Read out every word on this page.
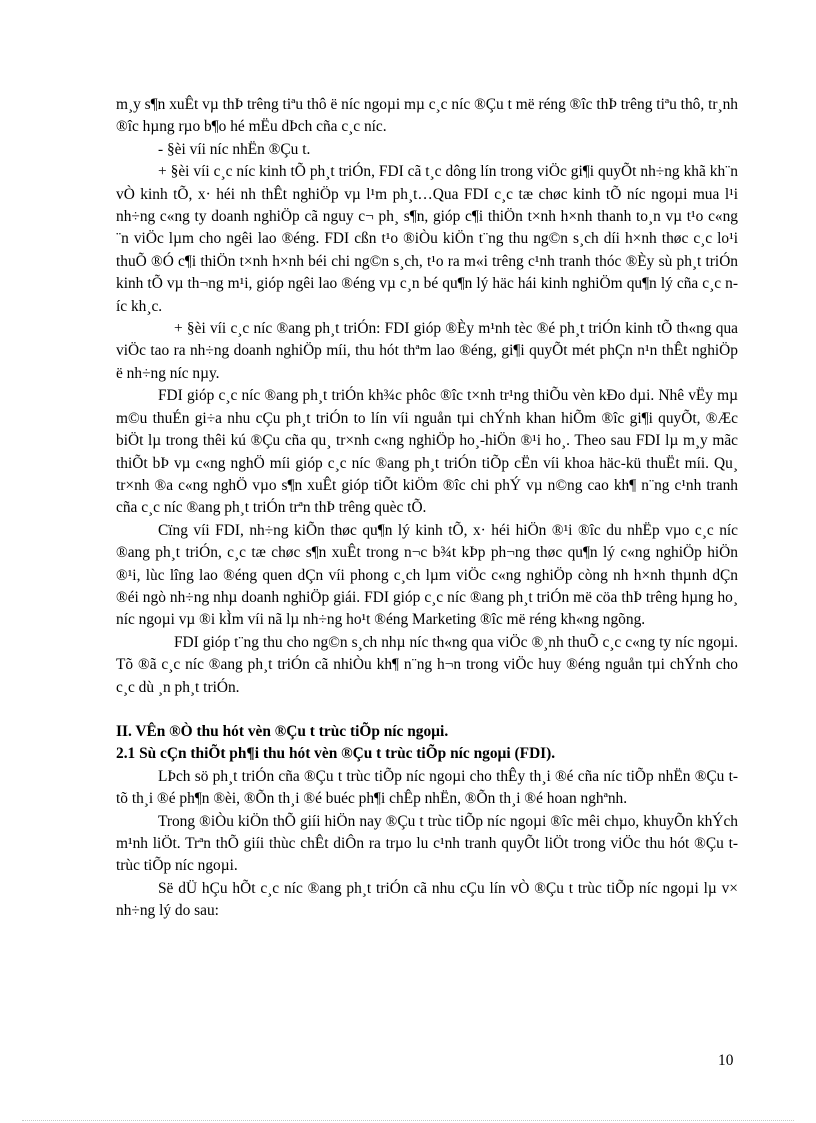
m¸y s¶n xuÊt vµ thÞ trêng tiªu thô ë níc ngoµi mµ c¸c níc ®Çu t më réng ®îc thÞ trêng tiªu thô, tr¸nh ®îc hµng rµo b¶o hé mËu dÞch cña c¸c níc.

- §èi víi níc nhËn ®Çu t.

+ §èi víi c¸c níc kinh tÕ ph¸t triÓn, FDI cã t¸c dông lín trong viÖc gi¶i quyÕt nh÷ng khã kh¨n vÒ kinh tÕ, x· héi nh thÊt nghiÖp vµ l¹m ph¸t…Qua FDI c¸c tæ chøc kinh tÕ níc ngoµi mua l¹i nh÷ng c«ng ty doanh nghiÖp cã nguy c¬ ph¸ s¶n, gióp c¶i thiÖn t×nh h×nh thanh to¸n vµ t¹o c«ng ¨n viÖc lµm cho ngêi lao ®éng. FDI cßn t¹o ®iÒu kiÖn t¨ng thu ng©n s¸ch díi h×nh thøc c¸c lo¹i thuÕ ®Ó c¶i thiÖn t×nh h×nh béi chi ng©n s¸ch, t¹o ra m«i trêng c¹nh tranh thóc ®Èy sù ph¸t triÓn kinh tÕ vµ th¬ng m¹i, gióp ngêi lao ®éng vµ c¸n bé qu¶n lý häc hái kinh nghiÖm qu¶n lý cña c¸c níc kh¸c.

+ §èi víi c¸c níc ®ang ph¸t triÓn: FDI gióp ®Èy m¹nh tèc ®é ph¸t triÓn kinh tÕ th«ng qua viÖc tao ra nh÷ng doanh nghiÖp míi, thu hót thªm lao ®éng, gi¶i quyÕt mét phÇn n¹n thÊt nghiÖp ë nh÷ng níc nµy.

FDI gióp c¸c níc ®ang ph¸t triÓn kh¾c phôc ®îc t×nh tr¹ng thiÕu vèn kÐo dµi. Nhê vËy mµ m©u thuÉn gi÷a nhu cÇu ph¸t triÓn to lín víi nguån tµi chÝnh khan hiÕm ®îc gi¶i quyÕt, ®Æc biÖt lµ trong thêi kú ®Çu cña qu¸ tr×nh c«ng nghiÖp ho¸-hiÖn ®¹i ho¸. Theo sau FDI lµ m¸y mãc thiÕt bÞ vµ c«ng nghÖ míi gióp c¸c níc ®ang ph¸t triÓn tiÕp cËn víi khoa häc-kü thuËt míi. Qu¸ tr×nh ®a c«ng nghÖ vµo s¶n xuÊt gióp tiÕt kiÖm ®îc chi phÝ vµ n©ng cao kh¶ n¨ng c¹nh tranh cña c¸c níc ®ang ph¸t triÓn trªn thÞ trêng quèc tÕ.

Cïng víi FDI, nh÷ng kiÕn thøc qu¶n lý kinh tÕ, x· héi hiÖn ®¹i ®îc du nhËp vµo c¸c níc ®ang ph¸t triÓn, c¸c tæ chøc s¶n xuÊt trong n¬c b¾t kÞp ph¬ng thøc qu¶n lý c«ng nghiÖp hiÖn ®¹i, lùc lîng lao ®éng quen dÇn víi phong c¸ch lµm viÖc c«ng nghiÖp còng nh h×nh thµnh dÇn ®éi ngò nh÷ng nhµ doanh nghiÖp giái. FDI gióp c¸c níc ®ang ph¸t triÓn më cöa thÞ trêng hµng ho¸ níc ngoµi vµ ®i kÌm víi nã lµ nh÷ng ho¹t ®éng Marketing ®îc më réng kh«ng ngõng.

FDI gióp t¨ng thu cho ng©n s¸ch nhµ níc th«ng qua viÖc ®¸nh thuÕ c¸c c«ng ty níc ngoµi. Tõ ®ã c¸c níc ®ang ph¸t triÓn cã nhiÒu kh¶ n¨ng h¬n trong viÖc huy ®éng nguån tµi chÝnh cho c¸c dù ¸n ph¸t triÓn.

II. VÊn ®Ò thu hót vèn ®Çu t trùc tiÕp níc ngoµi.
2.1 Sù cÇn thiÕt ph¶i thu hót vèn ®Çu t trùc tiÕp níc ngoµi (FDI).

LÞch sö ph¸t triÓn cña ®Çu t trùc tiÕp níc ngoµi cho thÊy th¸i ®é cña níc tiÕp nhËn ®Çu t tõ th¸i ®é ph¶n ®èi, ®Õn th¸i ®é buéc ph¶i chÊp nhËn, ®Õn th¸i ®é hoan nghªnh.

Trong ®iÒu kiÖn thÕ giíi hiÖn nay ®Çu t trùc tiÕp níc ngoµi ®îc mêi chµo, khuyÕn khÝch m¹nh liÖt. Trªn thÕ giíi thùc chÊt diÔn ra trµo lu c¹nh tranh quyÕt liÖt trong viÖc thu hót ®Çu t trùc tiÕp níc ngoµi.

Së dÜ hÇu hÕt c¸c níc ®ang ph¸t triÓn cã nhu cÇu lín vÒ ®Çu t trùc tiÕp níc ngoµi lµ v× nh÷ng lý do sau:

10
